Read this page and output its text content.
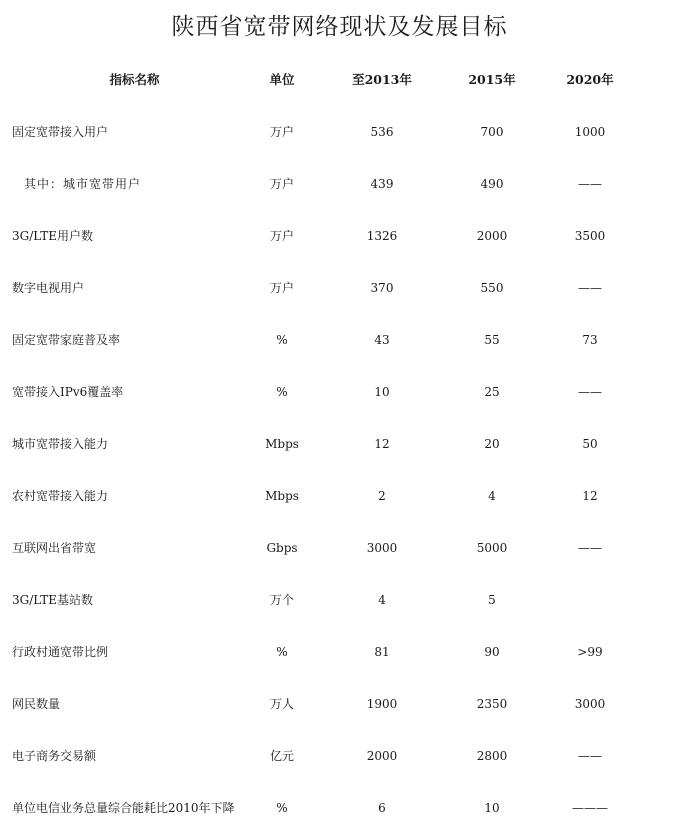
陕西省宽带网络现状及发展目标
指标名称	单位	至2013年	2015年	2020年
固定宽带接入用户	万户	536	700	1000
其中：城市宽带用户	万户	439	490	——
3G/LTE用户数	万户	1326	2000	3500
数字电视用户	万户	370	550	——
固定宽带家庭普及率	%	43	55	73
宽带接入IPv6覆盖率	%	10	25	——
城市宽带接入能力	Mbps	12	20	50
农村宽带接入能力	Mbps	2	4	12
互联网出省带宽	Gbps	3000	5000	——
3G/LTE基站数	万个	4	5
行政村通宽带比例	%	81	90	>99
网民数量	万人	1900	2350	3000
电子商务交易额	亿元	2000	2800	——
单位电信业务总量综合能耗比2010年下降	%	6	10	———
